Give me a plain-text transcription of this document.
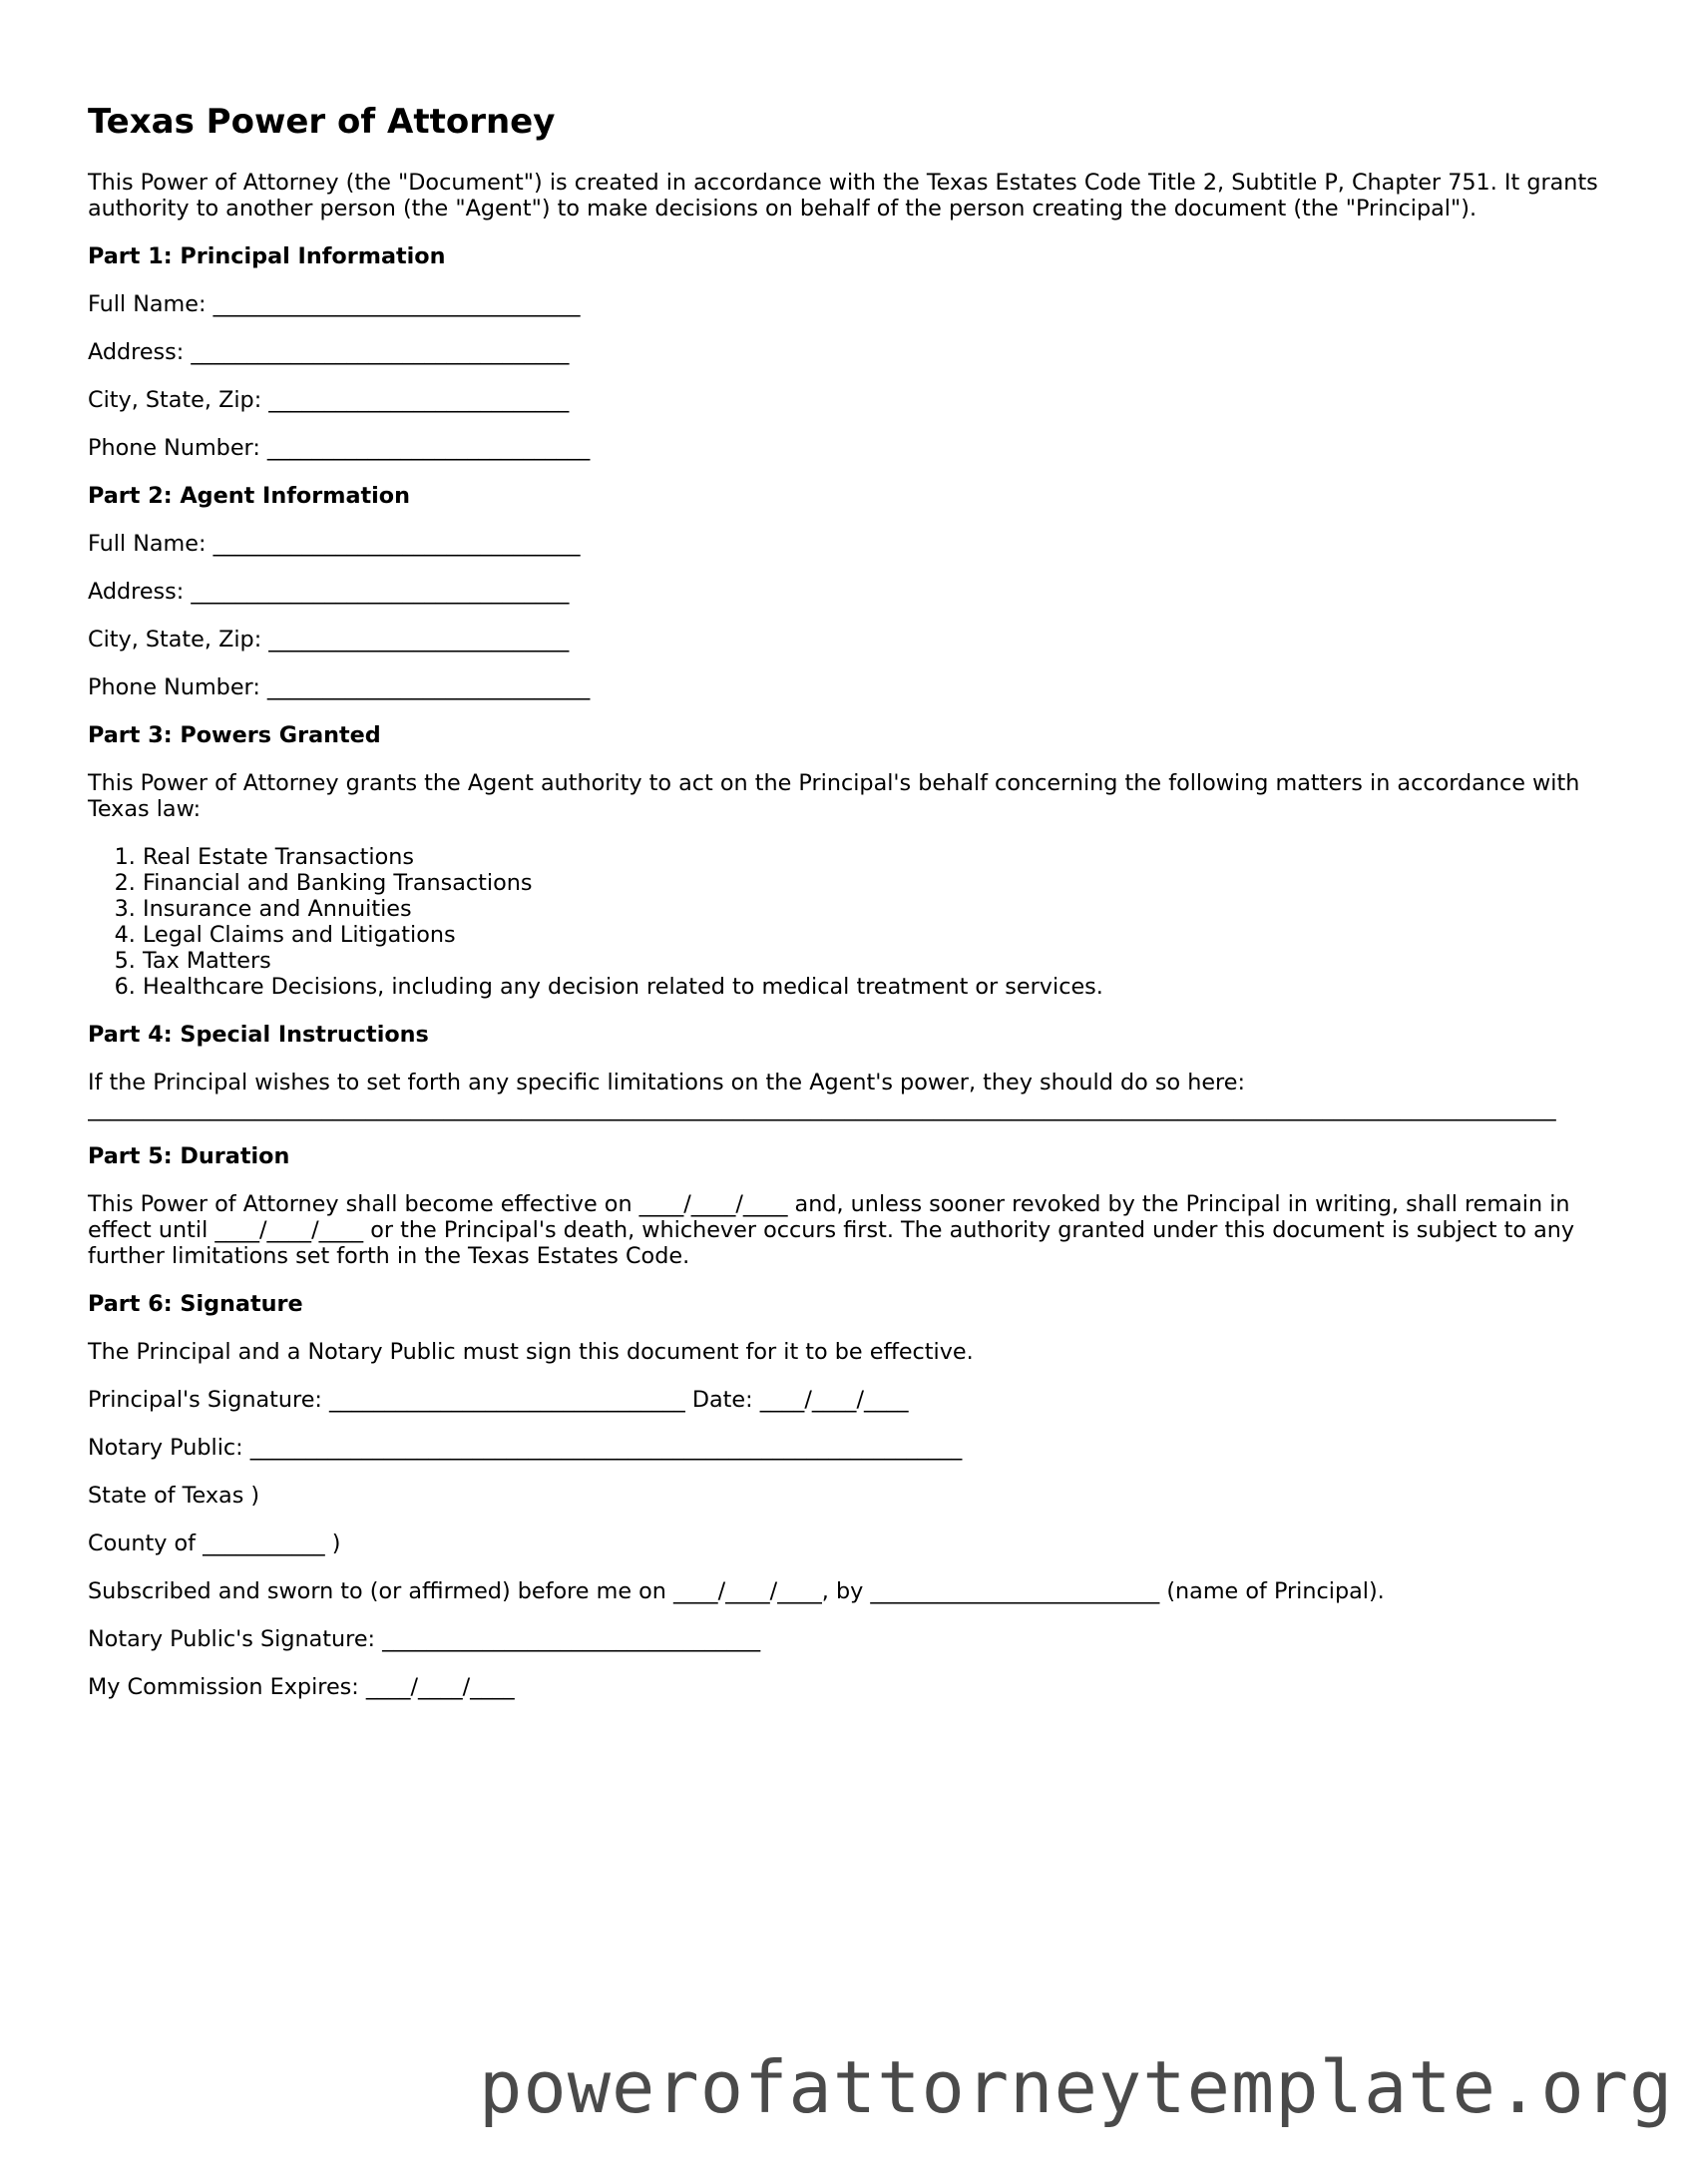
Texas Power of Attorney

This Power of Attorney (the "Document") is created in accordance with the Texas Estates Code Title 2, Subtitle P, Chapter 751. It grants authority to another person (the "Agent") to make decisions on behalf of the person creating the document (the "Principal").

Part 1: Principal Information

Full Name: _________________________________

Address: __________________________________

City, State, Zip: ___________________________

Phone Number: _____________________________

Part 2: Agent Information

Full Name: _________________________________

Address: __________________________________

City, State, Zip: ___________________________

Phone Number: _____________________________

Part 3: Powers Granted

This Power of Attorney grants the Agent authority to act on the Principal's behalf concerning the following matters in accordance with Texas law:

1. Real Estate Transactions
2. Financial and Banking Transactions
3. Insurance and Annuities
4. Legal Claims and Litigations
5. Tax Matters
6. Healthcare Decisions, including any decision related to medical treatment or services.

Part 4: Special Instructions

If the Principal wishes to set forth any specific limitations on the Agent's power, they should do so here:

____________________________________________________________________________________________________________________________________

Part 5: Duration

This Power of Attorney shall become effective on ____/____/____ and, unless sooner revoked by the Principal in writing, shall remain in effect until ____/____/____ or the Principal's death, whichever occurs first. The authority granted under this document is subject to any further limitations set forth in the Texas Estates Code.

Part 6: Signature

The Principal and a Notary Public must sign this document for it to be effective.

Principal's Signature: ________________________________ Date: ____/____/____

Notary Public: ________________________________________________________________

State of Texas )

County of ___________ )

Subscribed and sworn to (or affirmed) before me on ____/____/____, by __________________________ (name of Principal).

Notary Public's Signature: __________________________________

My Commission Expires: ____/____/____

powerofattorneytemplate.org
